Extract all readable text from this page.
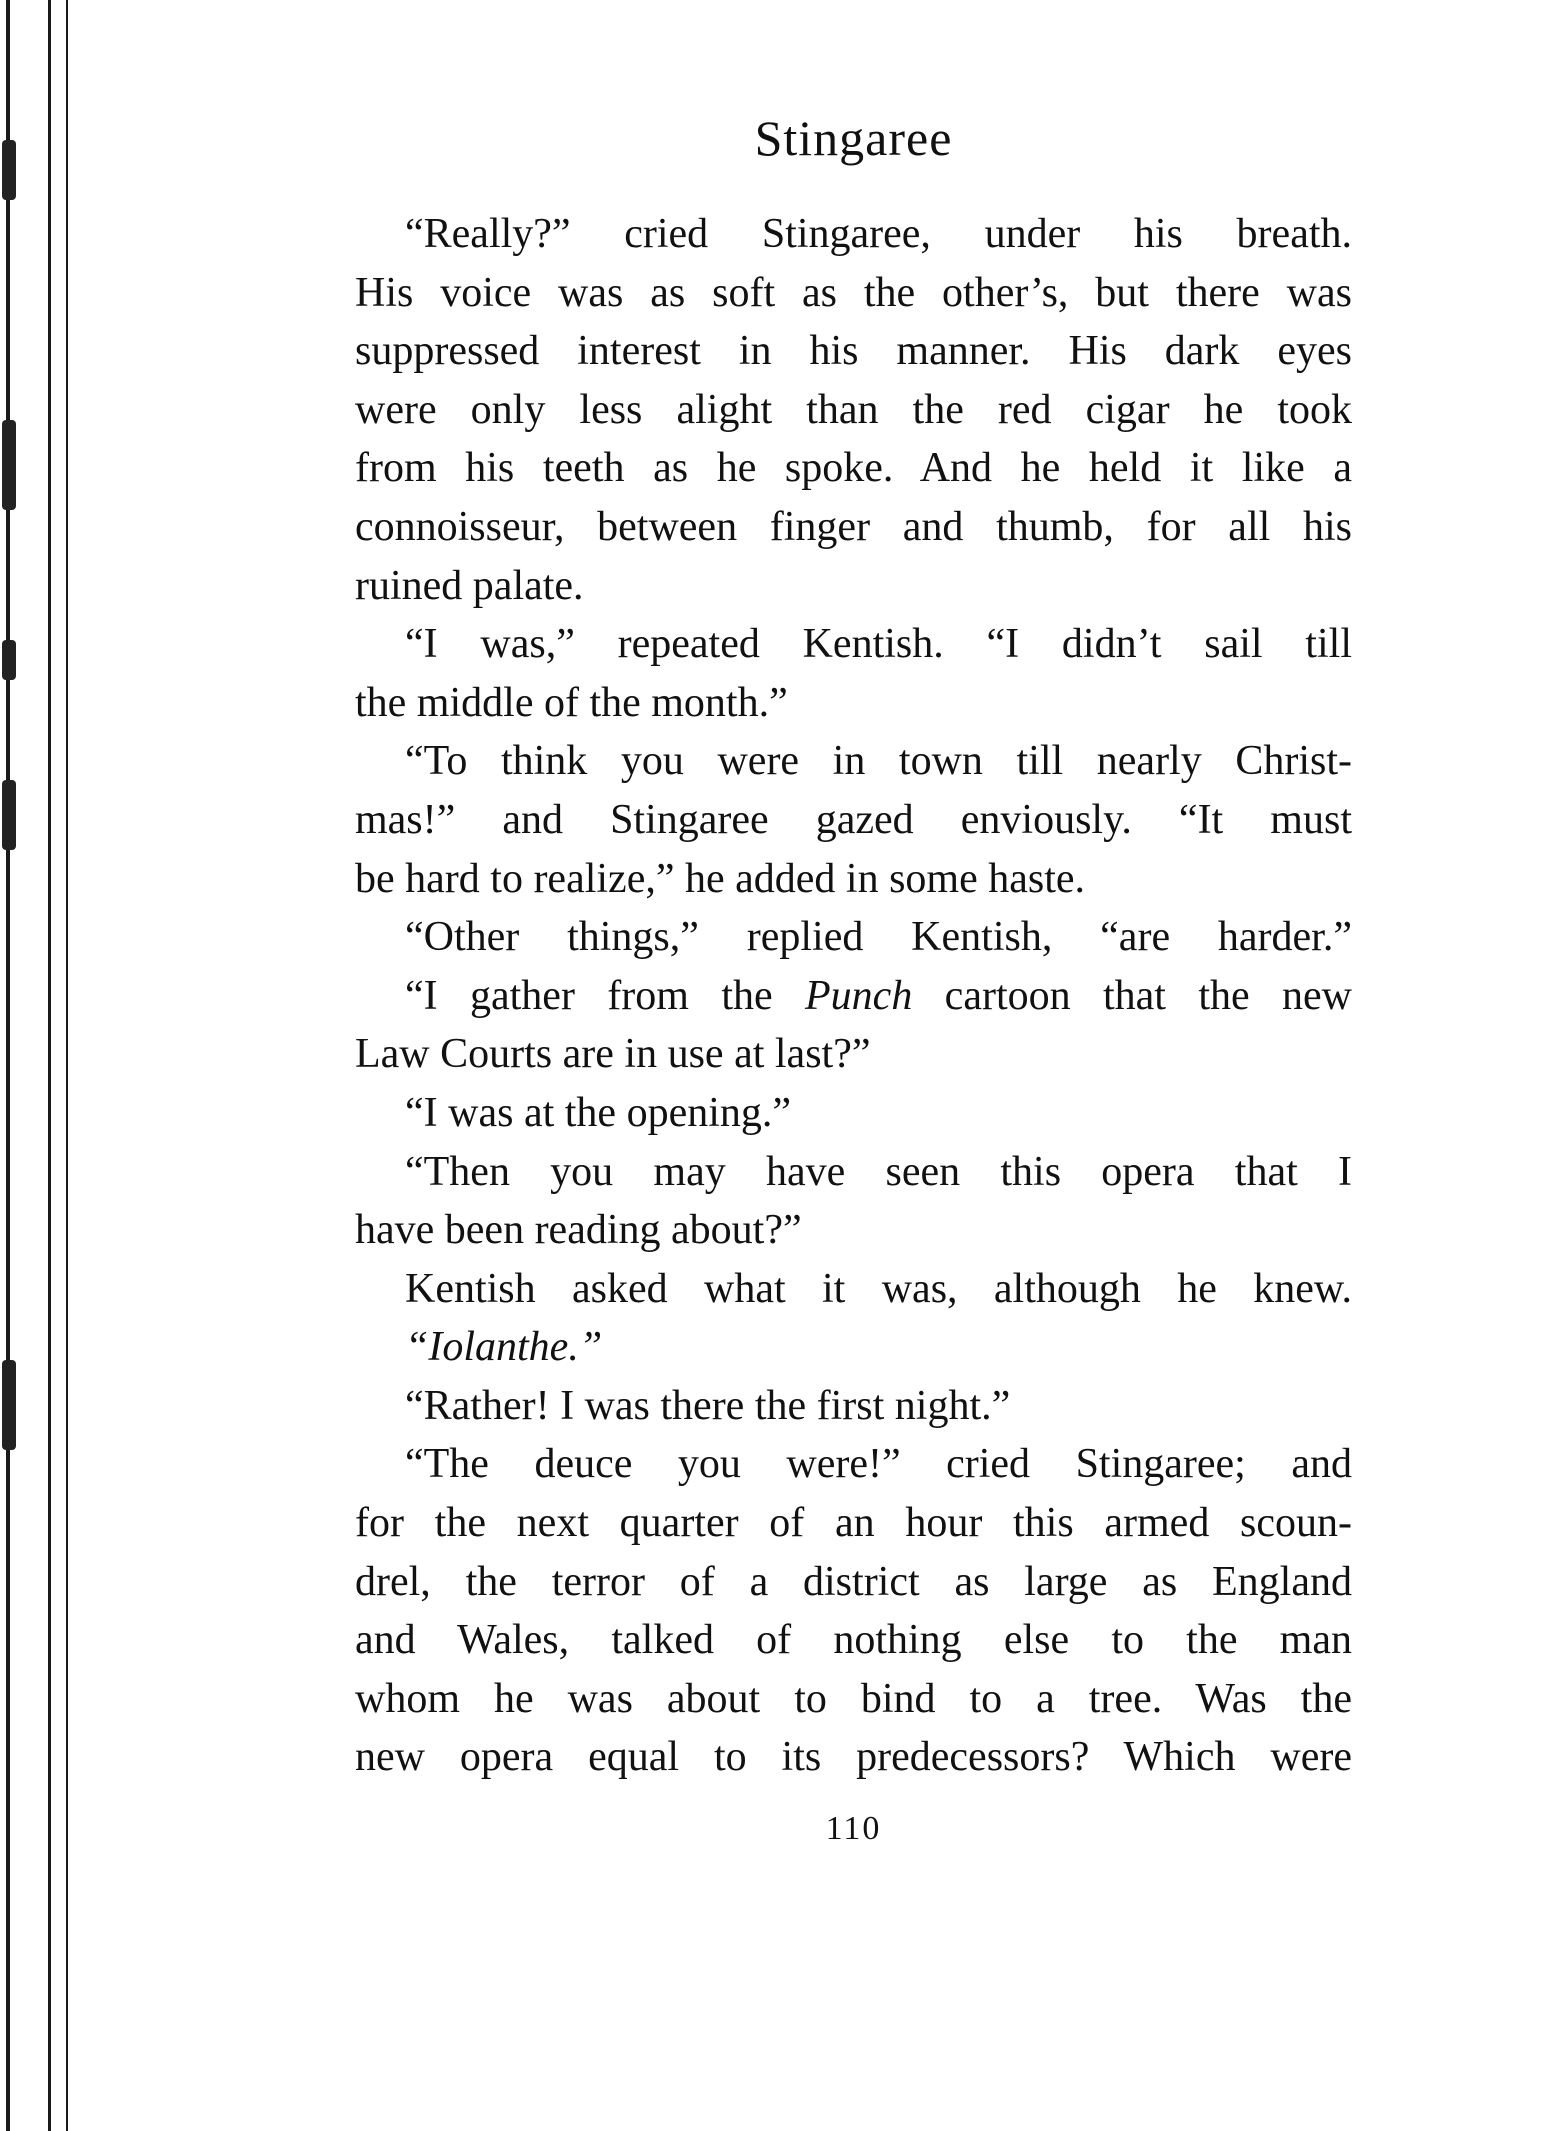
Stingaree
“Really?” cried Stingaree, under his breath.
His voice was as soft as the other’s, but there was
suppressed interest in his manner. His dark eyes
were only less alight than the red cigar he took
from his teeth as he spoke. And he held it like a
connoisseur, between finger and thumb, for all his
ruined palate.
“I was,” repeated Kentish. “I didn’t sail till
the middle of the month.”
“To think you were in town till nearly Christ-
mas!” and Stingaree gazed enviously. “It must
be hard to realize,” he added in some haste.
“Other things,” replied Kentish, “are harder.”
“I gather from the Punch cartoon that the new
Law Courts are in use at last?”
“I was at the opening.”
“Then you may have seen this opera that I
have been reading about?”
Kentish asked what it was, although he knew.
“Iolanthe.”
“Rather! I was there the first night.”
“The deuce you were!” cried Stingaree; and
for the next quarter of an hour this armed scoun-
drel, the terror of a district as large as England
and Wales, talked of nothing else to the man
whom he was about to bind to a tree. Was the
new opera equal to its predecessors? Which were
110
